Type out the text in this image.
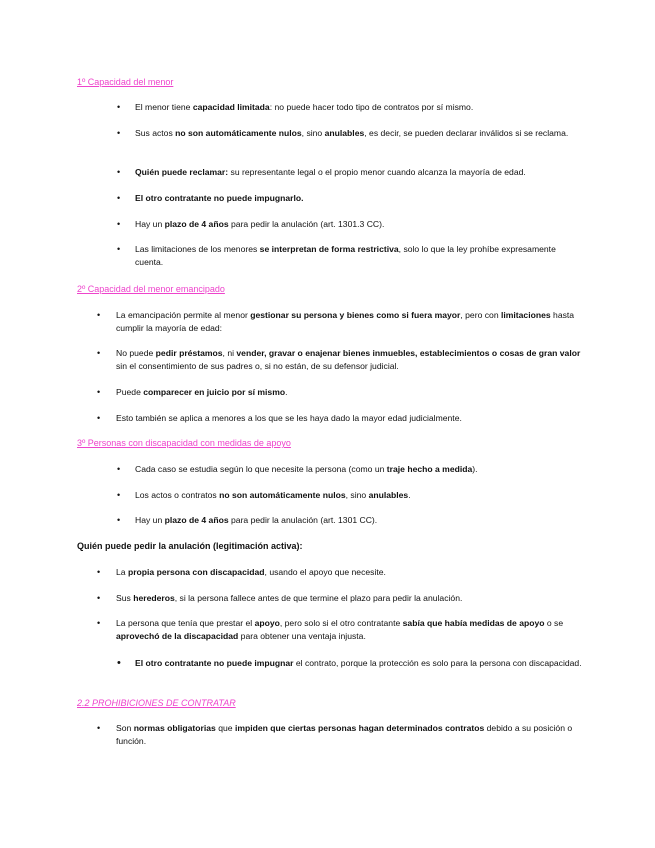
1º Capacidad del menor
• El menor tiene capacidad limitada: no puede hacer todo tipo de contratos por sí mismo.
• Sus actos no son automáticamente nulos, sino anulables, es decir, se pueden declarar inválidos si se reclama.
• Quién puede reclamar: su representante legal o el propio menor cuando alcanza la mayoría de edad.
• El otro contratante no puede impugnarlo.
• Hay un plazo de 4 años para pedir la anulación (art. 1301.3 CC).
• Las limitaciones de los menores se interpretan de forma restrictiva, solo lo que la ley prohíbe expresamente cuenta.
2º Capacidad del menor emancipado
• La emancipación permite al menor gestionar su persona y bienes como si fuera mayor, pero con limitaciones hasta cumplir la mayoría de edad:
• No puede pedir préstamos, ni vender, gravar o enajenar bienes inmuebles, establecimientos o cosas de gran valor sin el consentimiento de sus padres o, si no están, de su defensor judicial.
• Puede comparecer en juicio por sí mismo.
• Esto también se aplica a menores a los que se les haya dado la mayor edad judicialmente.
3º Personas con discapacidad con medidas de apoyo
• Cada caso se estudia según lo que necesite la persona (como un traje hecho a medida).
• Los actos o contratos no son automáticamente nulos, sino anulables.
• Hay un plazo de 4 años para pedir la anulación (art. 1301 CC).
Quién puede pedir la anulación (legitimación activa):
• La propia persona con discapacidad, usando el apoyo que necesite.
• Sus herederos, si la persona fallece antes de que termine el plazo para pedir la anulación.
• La persona que tenía que prestar el apoyo, pero solo si el otro contratante sabía que había medidas de apoyo o se aprovechó de la discapacidad para obtener una ventaja injusta.
• El otro contratante no puede impugnar el contrato, porque la protección es solo para la persona con discapacidad.
2.2 PROHIBICIONES DE CONTRATAR
• Son normas obligatorias que impiden que ciertas personas hagan determinados contratos debido a su posición o función.
